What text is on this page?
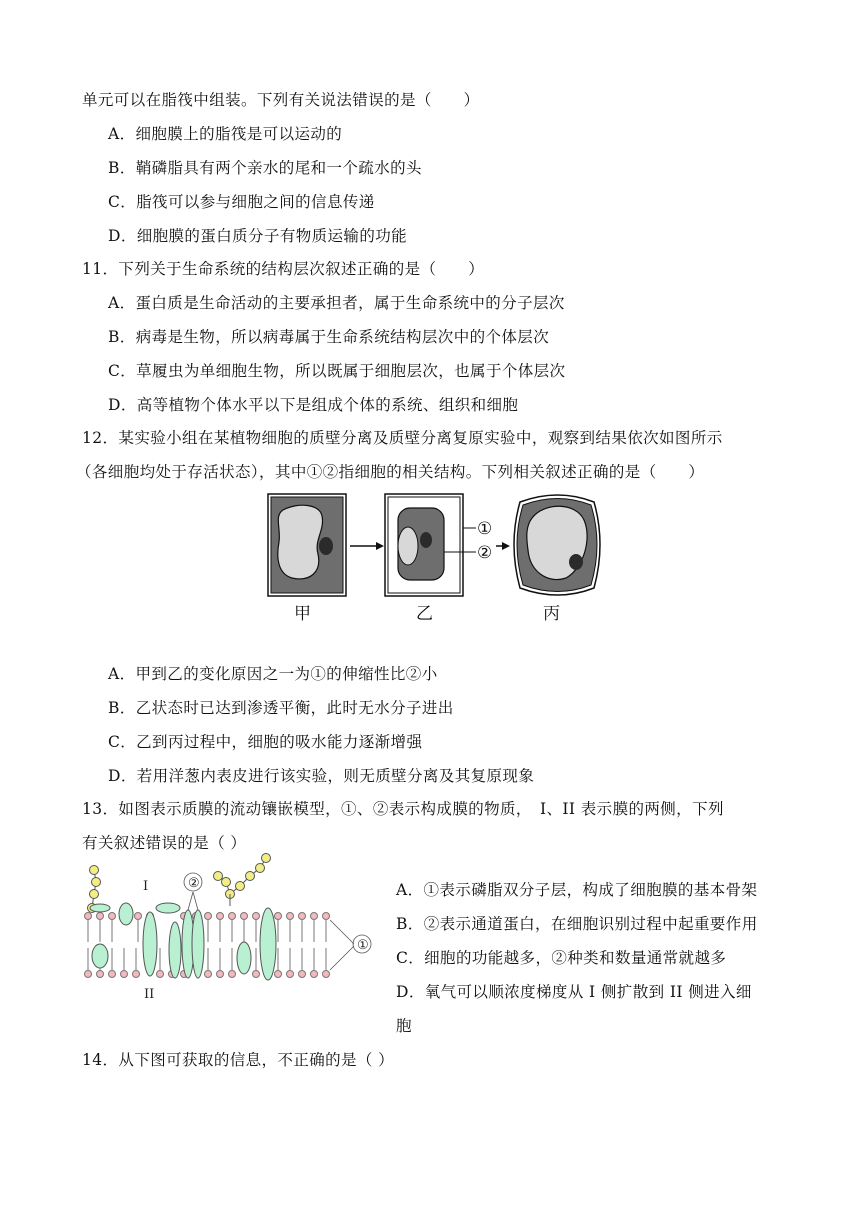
单元可以在脂筏中组装。下列有关说法错误的是（　　）
A．细胞膜上的脂筏是可以运动的
B．鞘磷脂具有两个亲水的尾和一个疏水的头
C．脂筏可以参与细胞之间的信息传递
D．细胞膜的蛋白质分子有物质运输的功能
11．下列关于生命系统的结构层次叙述正确的是（　　）
A．蛋白质是生命活动的主要承担者，属于生命系统中的分子层次
B．病毒是生物，所以病毒属于生命系统结构层次中的个体层次
C．草履虫为单细胞生物，所以既属于细胞层次，也属于个体层次
D．高等植物个体水平以下是组成个体的系统、组织和细胞
12．某实验小组在某植物细胞的质壁分离及质壁分离复原实验中，观察到结果依次如图所示
（各细胞均处于存活状态），其中①②指细胞的相关结构。下列相关叙述正确的是（　　）
①
②
甲	乙	丙
A．甲到乙的变化原因之一为①的伸缩性比②小
B．乙状态时已达到渗透平衡，此时无水分子进出
C．乙到丙过程中，细胞的吸水能力逐渐增强
D．若用洋葱内表皮进行该实验，则无质壁分离及其复原现象
13．如图表示质膜的流动镶嵌模型，①、②表示构成膜的物质，　I、II 表示膜的两侧，下列
有关叙述错误的是（ ）
②
①
I
II
A．①表示磷脂双分子层，构成了细胞膜的基本骨架
B．②表示通道蛋白，在细胞识别过程中起重要作用
C．细胞的功能越多，②种类和数量通常就越多
D．氧气可以顺浓度梯度从 I 侧扩散到 II 侧进入细
胞
14．从下图可获取的信息，不正确的是（ ）
